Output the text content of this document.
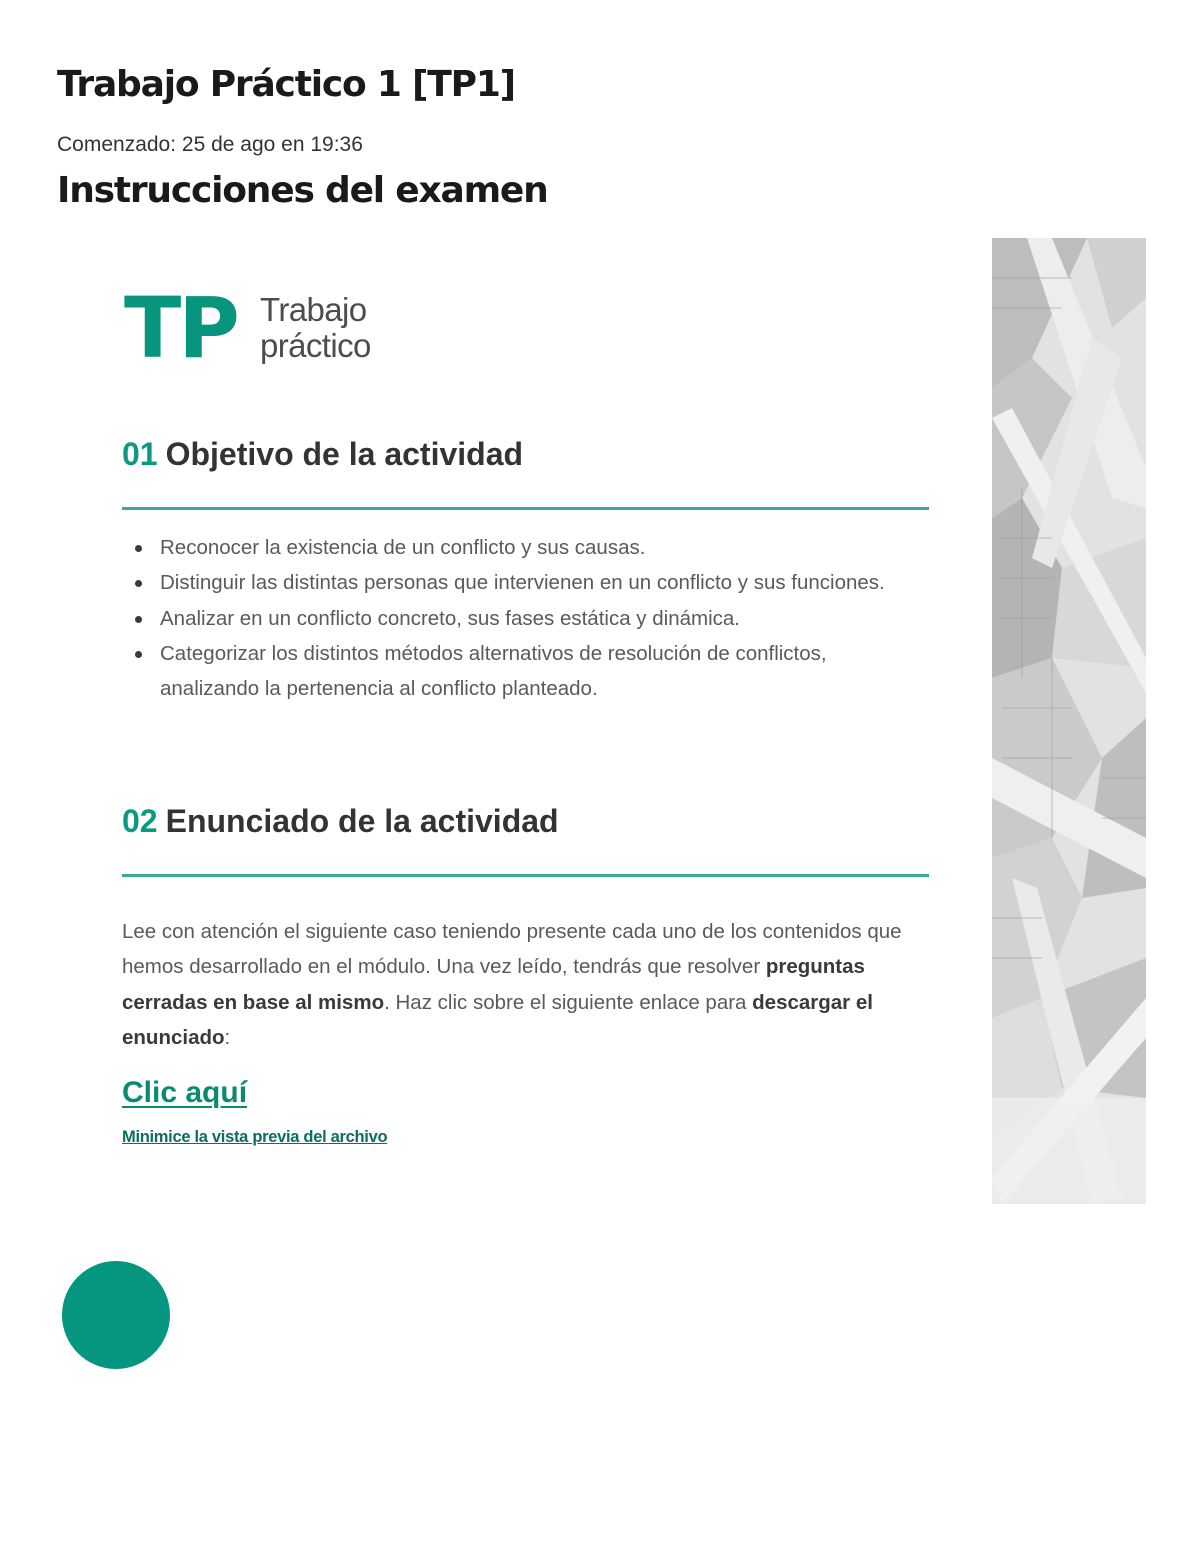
Trabajo Práctico 1 [TP1]
Comenzado: 25 de ago en 19:36
Instrucciones del examen
TP Trabajo
práctico
01 Objetivo de la actividad
Reconocer la existencia de un conflicto y sus causas.
Distinguir las distintas personas que intervienen en un conflicto y sus funciones.
Analizar en un conflicto concreto, sus fases estática y dinámica.
Categorizar los distintos métodos alternativos de resolución de conflictos, analizando la pertenencia al conflicto planteado.
02 Enunciado de la actividad

Lee con atención el siguiente caso teniendo presente cada uno de los contenidos que hemos desarrollado en el módulo. Una vez leído, tendrás que resolver preguntas cerradas en base al mismo. Haz clic sobre el siguiente enlace para descargar el enunciado:

Clic aquí
Minimice la vista previa del archivo
